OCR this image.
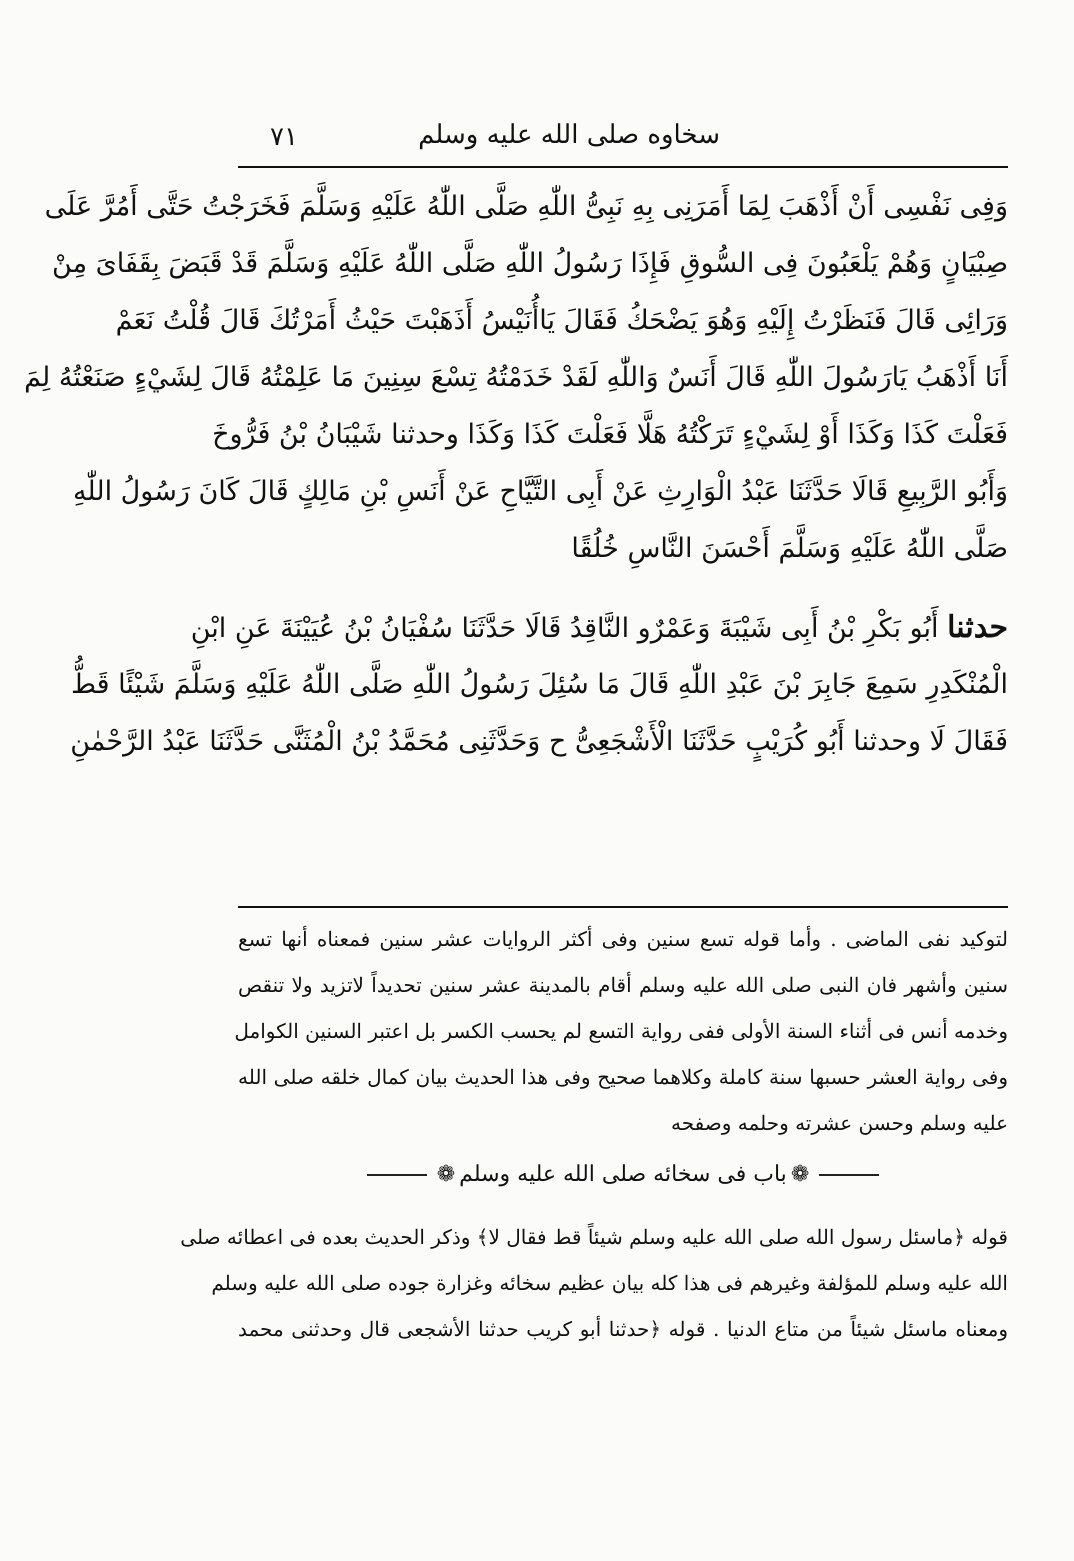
سخاوه صلى الله عليه وسلم
٧١
وَفِى نَفْسِى أَنْ أَذْهَبَ لِمَا أَمَرَنِى بِهِ نَبِىُّ اللّٰهِ صَلَّى اللّٰهُ عَلَيْهِ وَسَلَّمَ فَخَرَجْتُ حَتَّى أَمُرَّ عَلَى
صِبْيَانٍ وَهُمْ يَلْعَبُونَ فِى السُّوقِ فَإِذَا رَسُولُ اللّٰهِ صَلَّى اللّٰهُ عَلَيْهِ وَسَلَّمَ قَدْ قَبَضَ بِقَفَاىَ مِنْ
وَرَائِى قَالَ فَنَظَرْتُ إِلَيْهِ وَهُوَ يَضْحَكُ فَقَالَ يَاأُنَيْسُ أَذَهَبْتَ حَيْثُ أَمَرْتُكَ قَالَ قُلْتُ نَعَمْ
أَنَا أَذْهَبُ يَارَسُولَ اللّٰهِ قَالَ أَنَسٌ وَاللّٰهِ لَقَدْ خَدَمْتُهُ تِسْعَ سِنِينَ مَا عَلِمْتُهُ قَالَ لِشَيْءٍ صَنَعْتُهُ لِمَ
فَعَلْتَ كَذَا وَكَذَا أَوْ لِشَيْءٍ تَرَكْتُهُ هَلَّا فَعَلْتَ كَذَا وَكَذَا وحدثنا شَيْبَانُ بْنُ فَرُّوخَ
وَأَبُو الرَّبِيعِ قَالَا حَدَّثَنَا عَبْدُ الْوَارِثِ عَنْ أَبِى التَّيَّاحِ عَنْ أَنَسِ بْنِ مَالِكٍ قَالَ كَانَ رَسُولُ اللّٰهِ
صَلَّى اللّٰهُ عَلَيْهِ وَسَلَّمَ أَحْسَنَ النَّاسِ خُلُقًا
حدثنا أَبُو بَكْرِ بْنُ أَبِى شَيْبَةَ وَعَمْرٌو النَّاقِدُ قَالَا حَدَّثَنَا سُفْيَانُ بْنُ عُيَيْنَةَ عَنِ ابْنِ
الْمُنْكَدِرِ سَمِعَ جَابِرَ بْنَ عَبْدِ اللّٰهِ قَالَ مَا سُئِلَ رَسُولُ اللّٰهِ صَلَّى اللّٰهُ عَلَيْهِ وَسَلَّمَ شَيْئًا قَطُّ
فَقَالَ لَا وحدثنا أَبُو كُرَيْبٍ حَدَّثَنَا الْأَشْجَعِىُّ ح وَحَدَّثَنِى مُحَمَّدُ بْنُ الْمُثَنَّى حَدَّثَنَا عَبْدُ الرَّحْمٰنِ
لتوكيد نفى الماضى . وأما قوله تسع سنين وفى أكثر الروايات عشر سنين فمعناه أنها تسع
سنين وأشهر فان النبى صلى الله عليه وسلم أقام بالمدينة عشر سنين تحديداً لاتزيد ولا تنقص
وخدمه أنس فى أثناء السنة الأولى ففى رواية التسع لم يحسب الكسر بل اعتبر السنين الكوامل
وفى رواية العشر حسبها سنة كاملة وكلاهما صحيح وفى هذا الحديث بيان كمال خلقه صلى الله
عليه وسلم وحسن عشرته وحلمه وصفحه
❁باب فى سخائه صلى الله عليه وسلم❁
قوله ﴿ماسئل رسول الله صلى الله عليه وسلم شيئاً قط فقال لا﴾ وذكر الحديث بعده فى اعطائه صلى
الله عليه وسلم للمؤلفة وغيرهم فى هذا كله بيان عظيم سخائه وغزارة جوده صلى الله عليه وسلم
ومعناه ماسئل شيئاً من متاع الدنيا . قوله ﴿حدثنا أبو كريب حدثنا الأشجعى قال وحدثنى محمد
